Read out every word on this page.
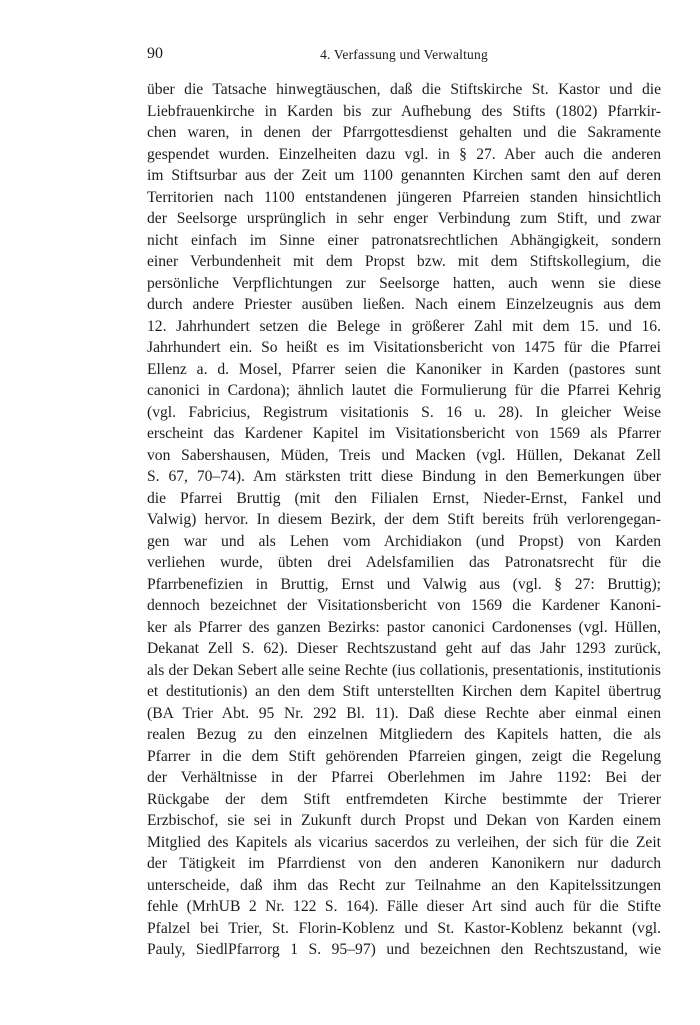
90	4. Verfassung und Verwaltung
über die Tatsache hinwegtäuschen, daß die Stiftskirche St. Kastor und die
Liebfrauenkirche in Karden bis zur Aufhebung des Stifts (1802) Pfarrkir-
chen waren, in denen der Pfarrgottesdienst gehalten und die Sakramente
gespendet wurden. Einzelheiten dazu vgl. in § 27. Aber auch die anderen
im Stiftsurbar aus der Zeit um 1100 genannten Kirchen samt den auf deren
Territorien nach 1100 entstandenen jüngeren Pfarreien standen hinsichtlich
der Seelsorge ursprünglich in sehr enger Verbindung zum Stift, und zwar
nicht einfach im Sinne einer patronatsrechtlichen Abhängigkeit, sondern
einer Verbundenheit mit dem Propst bzw. mit dem Stiftskollegium, die
persönliche Verpflichtungen zur Seelsorge hatten, auch wenn sie diese
durch andere Priester ausüben ließen. Nach einem Einzelzeugnis aus dem
12. Jahrhundert setzen die Belege in größerer Zahl mit dem 15. und 16.
Jahrhundert ein. So heißt es im Visitationsbericht von 1475 für die Pfarrei
Ellenz a. d. Mosel, Pfarrer seien die Kanoniker in Karden (pastores sunt
canonici in Cardona); ähnlich lautet die Formulierung für die Pfarrei Kehrig
(vgl. Fabricius, Registrum visitationis S. 16 u. 28). In gleicher Weise
erscheint das Kardener Kapitel im Visitationsbericht von 1569 als Pfarrer
von Sabershausen, Müden, Treis und Macken (vgl. Hüllen, Dekanat Zell
S. 67, 70–74). Am stärksten tritt diese Bindung in den Bemerkungen über
die Pfarrei Bruttig (mit den Filialen Ernst, Nieder-Ernst, Fankel und
Valwig) hervor. In diesem Bezirk, der dem Stift bereits früh verlorengegan-
gen war und als Lehen vom Archidiakon (und Propst) von Karden
verliehen wurde, übten drei Adelsfamilien das Patronatsrecht für die
Pfarrbenefizien in Bruttig, Ernst und Valwig aus (vgl. § 27: Bruttig);
dennoch bezeichnet der Visitationsbericht von 1569 die Kardener Kanoni-
ker als Pfarrer des ganzen Bezirks: pastor canonici Cardonenses (vgl. Hüllen,
Dekanat Zell S. 62). Dieser Rechtszustand geht auf das Jahr 1293 zurück,
als der Dekan Sebert alle seine Rechte (ius collationis, presentationis, institutionis
et destitutionis) an den dem Stift unterstellten Kirchen dem Kapitel übertrug
(BA Trier Abt. 95 Nr. 292 Bl. 11). Daß diese Rechte aber einmal einen
realen Bezug zu den einzelnen Mitgliedern des Kapitels hatten, die als
Pfarrer in die dem Stift gehörenden Pfarreien gingen, zeigt die Regelung
der Verhältnisse in der Pfarrei Oberlehmen im Jahre 1192: Bei der
Rückgabe der dem Stift entfremdeten Kirche bestimmte der Trierer
Erzbischof, sie sei in Zukunft durch Propst und Dekan von Karden einem
Mitglied des Kapitels als vicarius sacerdos zu verleihen, der sich für die Zeit
der Tätigkeit im Pfarrdienst von den anderen Kanonikern nur dadurch
unterscheide, daß ihm das Recht zur Teilnahme an den Kapitelssitzungen
fehle (MrhUB 2 Nr. 122 S. 164). Fälle dieser Art sind auch für die Stifte
Pfalzel bei Trier, St. Florin-Koblenz und St. Kastor-Koblenz bekannt (vgl.
Pauly, SiedlPfarrorg 1 S. 95–97) und bezeichnen den Rechtszustand, wie
